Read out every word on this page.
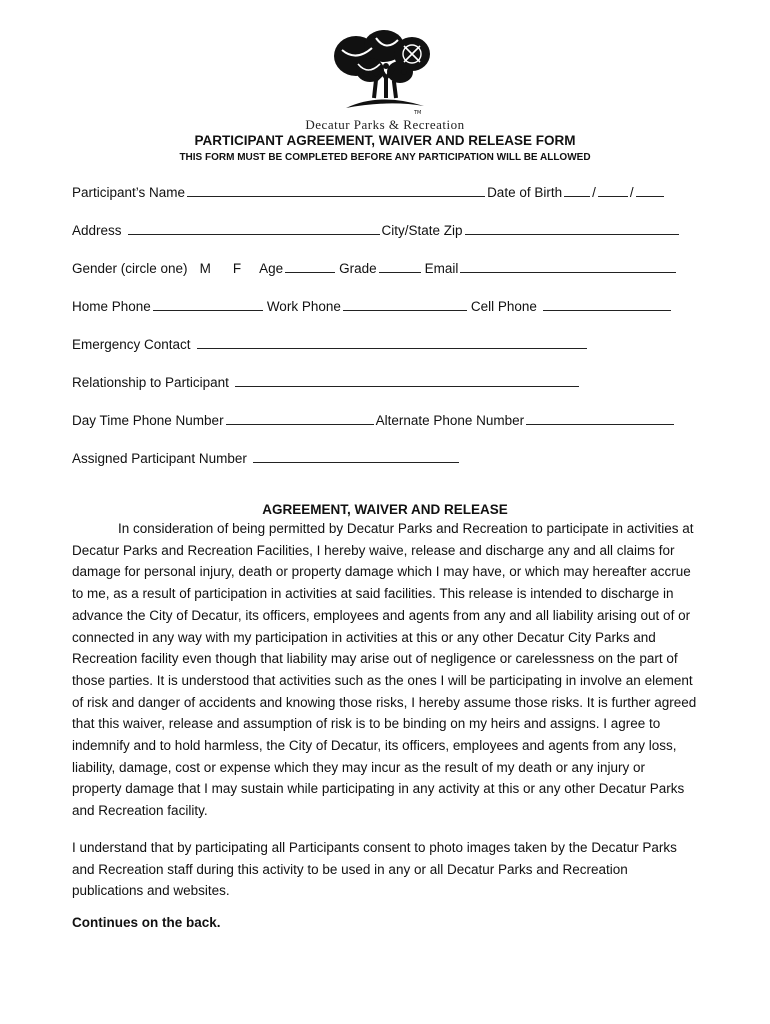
TM
Decatur Parks & Recreation
PARTICIPANT AGREEMENT, WAIVER AND RELEASE FORM
THIS FORM MUST BE COMPLETED BEFORE ANY PARTICIPATION WILL BE ALLOWED
Participant’s Name	Date of Birth /	/
Address	City/State Zip
Gender (circle one) M F Age	Grade	Email
Home Phone	Work Phone	Cell Phone
Emergency Contact
Relationship to Participant
Day Time Phone Number	Alternate Phone Number
Assigned Participant Number
AGREEMENT, WAIVER AND RELEASE

In consideration of being permitted by Decatur Parks and Recreation to participate in activities at Decatur Parks and Recreation Facilities, I hereby waive, release and discharge any and all claims for damage for personal injury, death or property damage which I may have, or which may hereafter accrue to me, as a result of participation in activities at said facilities. This release is intended to discharge in advance the City of Decatur, its officers, employees and agents from any and all liability arising out of or connected in any way with my participation in activities at this or any other Decatur City Parks and Recreation facility even though that liability may arise out of negligence or carelessness on the part of those parties. It is understood that activities such as the ones I will be participating in involve an element of risk and danger of accidents and knowing those risks, I hereby assume those risks. It is further agreed that this waiver, release and assumption of risk is to be binding on my heirs and assigns. I agree to indemnify and to hold harmless, the City of Decatur, its officers, employees and agents from any loss, liability, damage, cost or expense which they may incur as the result of my death or any injury or property damage that I may sustain while participating in any activity at this or any other Decatur Parks and Recreation facility.

I understand that by participating all Participants consent to photo images taken by the Decatur Parks and Recreation staff during this activity to be used in any or all Decatur Parks and Recreation publications and websites.

Continues on the back.
